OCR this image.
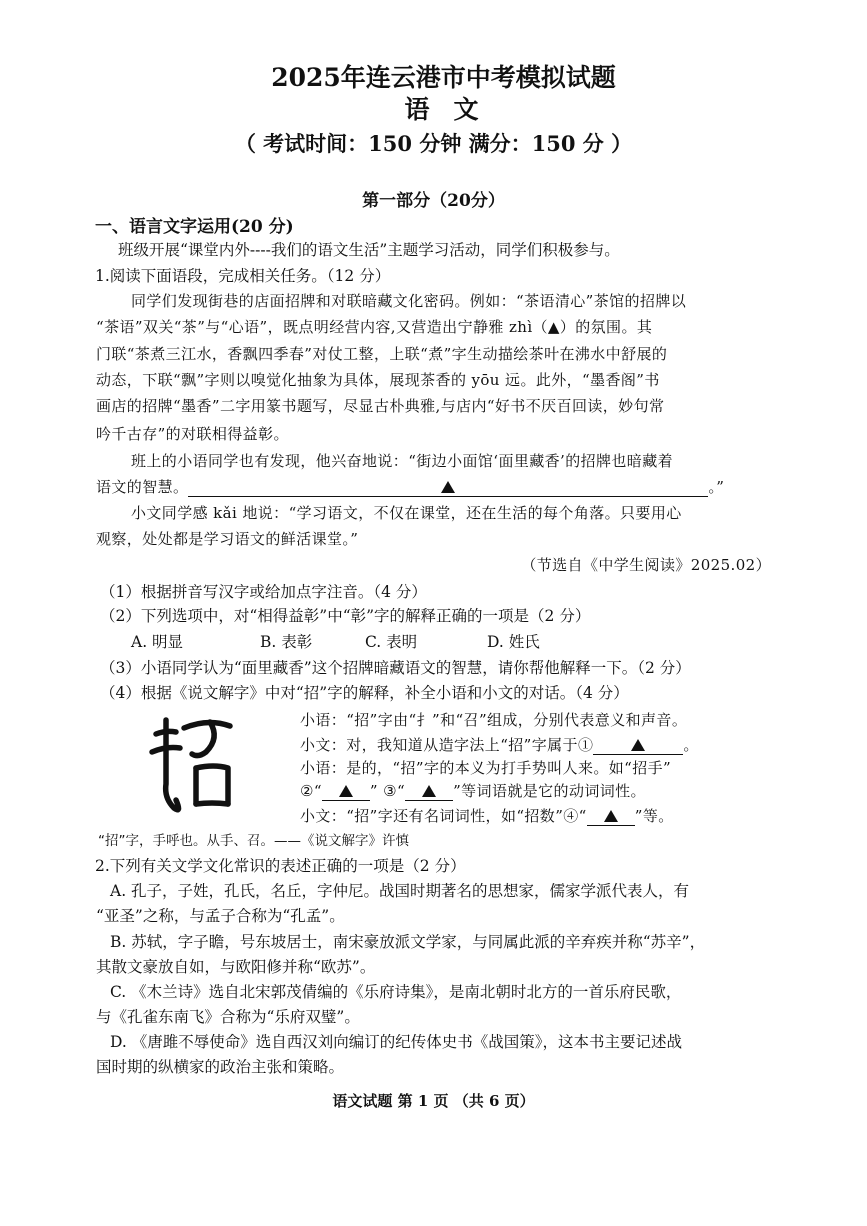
2025年连云港市中考模拟试题
语文
（ 考试时间：150 分钟 满分：150 分 ）
第一部分（20分）
一、语言文字运用(20 分)
班级开展“课堂内外----我们的语文生活”主题学习活动，同学们积极参与。
1.阅读下面语段，完成相关任务。（12 分）
同学们发现街巷的店面招牌和对联暗藏文化密码。例如：“茶语清心”茶馆的招牌以
“茶语”双关“茶”与“心语”，既点明经营内容,又营造出宁静雅 zhì（▲）的氛围。其
门联“茶煮三江水，香飘四季春”对仗工整，上联“煮”字生动描绘茶叶在沸水中舒展的
动态，下联“飘”字则以嗅觉化抽象为具体，展现茶香的 yōu 远。此外，“墨香阁”书
画店的招牌“墨香”二字用篆书题写，尽显古朴典雅,与店内“好书不厌百回读，妙句常
吟千古存”的对联相得益彰。
班上的小语同学也有发现，他兴奋地说：“街边小面馆‘面里藏香’的招牌也暗藏着
语文的智慧。	。”
小文同学感 kǎi 地说：“学习语文，不仅在课堂，还在生活的每个角落。只要用心
观察，处处都是学习语文的鲜活课堂。”
（节选自《中学生阅读》2025.02）
（1）根据拼音写汉字或给加点字注音。（4 分）
（2）下列选项中，对“相得益彰”中“彰”字的解释正确的一项是（2 分）
A. 明显	B. 表彰	C. 表明	D. 姓氏
（3）小语同学认为“面里藏香”这个招牌暗藏语文的智慧，请你帮他解释一下。（2 分）
（4）根据《说文解字》中对“招”字的解释，补全小语和小文的对话。（4 分）
小语：“招”字由“扌”和“召”组成，分别代表意义和声音。
小文：对，我知道从造字法上“招”字属于①	。
小语：是的，“招”字的本义为打手势叫人来。如“招手”
②“	” ③“	”等词语就是它的动词词性。
小文：“招”字还有名词词性，如“招数”④“	”等。
“招”字，手呼也。从手、召。——《说文解字》许慎
2.下列有关文学文化常识的表述正确的一项是（2 分）
A. 孔子，子姓，孔氏，名丘，字仲尼。战国时期著名的思想家，儒家学派代表人，有
“亚圣”之称，与孟子合称为“孔孟”。
B. 苏轼，字子瞻，号东坡居士，南宋豪放派文学家，与同属此派的辛弃疾并称“苏辛”，
其散文豪放自如，与欧阳修并称“欧苏”。
C. 《木兰诗》选自北宋郭茂倩编的《乐府诗集》，是南北朝时北方的一首乐府民歌，
与《孔雀东南飞》合称为“乐府双璧”。
D. 《唐雎不辱使命》选自西汉刘向编订的纪传体史书《战国策》，这本书主要记述战
国时期的纵横家的政治主张和策略。
语文试题 第 1 页 （共 6 页）
